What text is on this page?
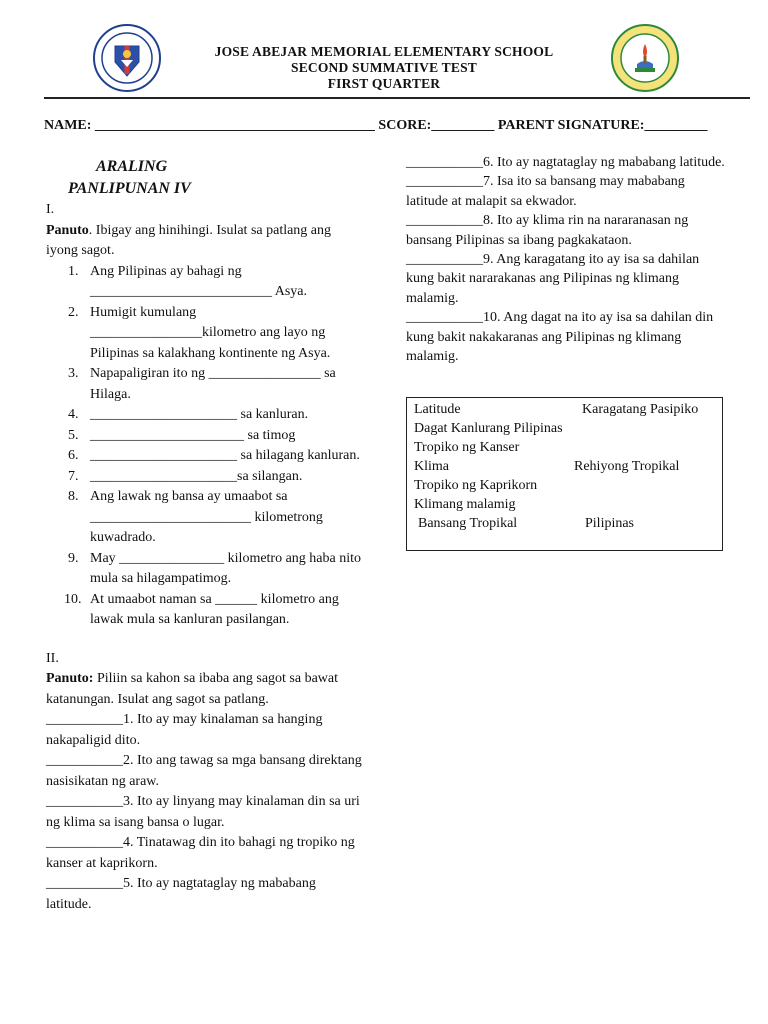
JOSE ABEJAR MEMORIAL ELEMENTARY SCHOOL
SECOND SUMMATIVE TEST
FIRST QUARTER
NAME: ________________________________________ SCORE:_________ PARENT SIGNATURE:_________
ARALING
PANLIPUNAN IV
I.
Panuto. Ibigay ang hinihingi. Isulat sa patlang ang iyong sagot.
1. Ang Pilipinas ay bahagi ng __________________________ Asya.
2. Humigit kumulang ________________kilometro ang layo ng Pilipinas sa kalakhang kontinente ng Asya.
3. Napapaligiran ito ng ________________ sa Hilaga.
4. _____________________ sa kanluran.
5. ______________________ sa timog
6. _____________________ sa hilagang kanluran.
7. _____________________sa silangan.
8. Ang lawak ng bansa ay umaabot sa _______________________ kilometrong kuwadrado.
9. May _______________ kilometro ang haba nito mula sa hilagampatimog.
10. At umaabot naman sa ______ kilometro ang lawak mula sa kanluran pasilangan.
II.
Panuto: Piliin sa kahon sa ibaba ang sagot sa bawat katanungan. Isulat ang sagot sa patlang.
___________1. Ito ay may kinalaman sa hanging nakapaligid dito.
___________2. Ito ang tawag sa mga bansang direktang nasisikatan ng araw.
___________3. Ito ay linyang may kinalaman din sa uri ng klima sa isang bansa o lugar.
___________4. Tinatawag din ito bahagi ng tropiko ng kanser at kaprikorn.
___________5. Ito ay nagtataglay ng mababang latitude.
___________6. Ito ay nagtataglay ng mababang latitude.
___________7. Isa ito sa bansang may mababang latitude at malapit sa ekwador.
___________8. Ito ay klima rin na nararanasan ng bansang Pilipinas sa ibang pagkakataon.
___________9. Ang karagatang ito ay isa sa dahilan kung bakit nararakanas ang Pilipinas ng klimang malamig.
___________10. Ang dagat na ito ay isa sa dahilan din kung bakit nakakaranas ang Pilipinas ng klimang malamig.
Latitude	Karagatang Pasipiko
Dagat Kanlurang Pilipinas
Tropiko ng Kanser
Klima	Rehiyong Tropikal
Tropiko ng Kaprikorn
Klimang malamig
Bansang Tropikal	Pilipinas
